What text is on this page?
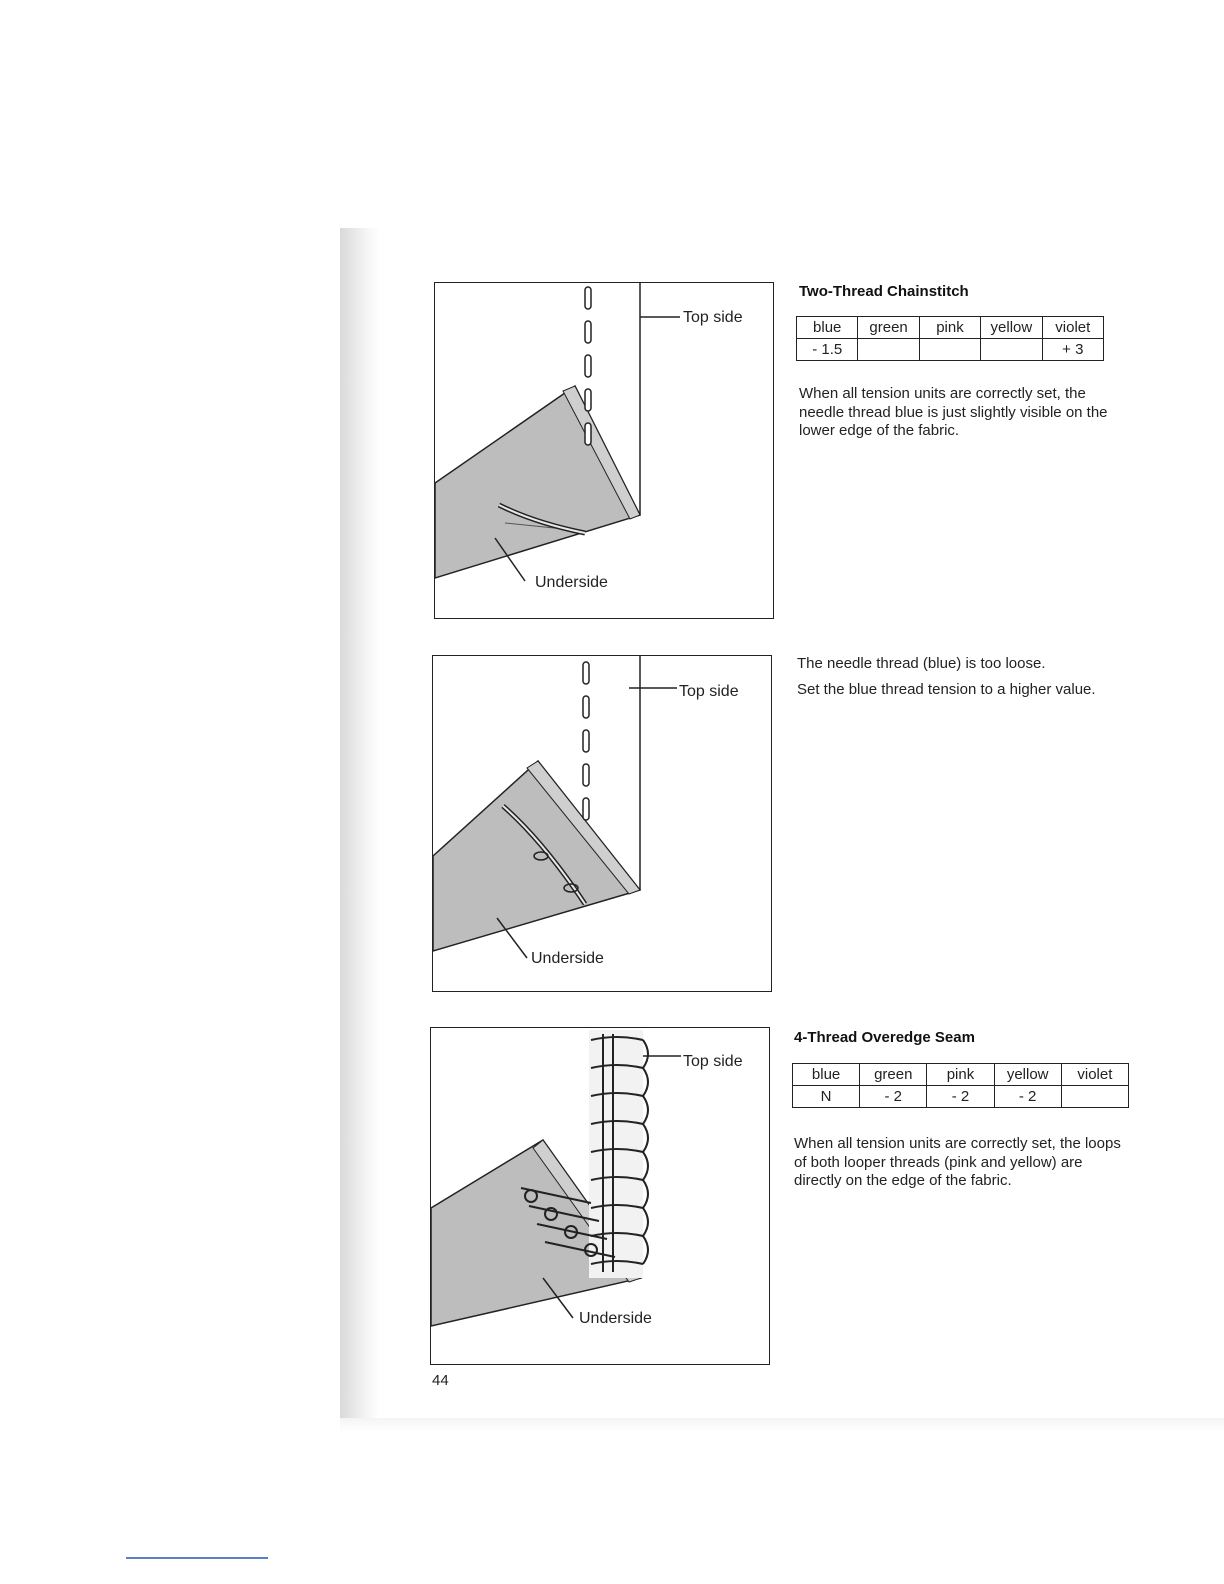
Top side
Underside
Top side
Underside
Top side
Underside
Two-Thread Chainstitch
blue	green	pink	yellow	violet
- 1.5				+ 3

When all tension units are correctly set, the needle thread blue is just slightly visible on the lower edge of the fabric.

The needle thread (blue) is too loose.

Set the blue thread tension to a higher value.

4-Thread Overedge Seam
blue	green	pink	yellow	violet
N	- 2	- 2	- 2	

When all tension units are correctly set, the loops of both looper threads (pink and yellow) are directly on the edge of the fabric.

44
